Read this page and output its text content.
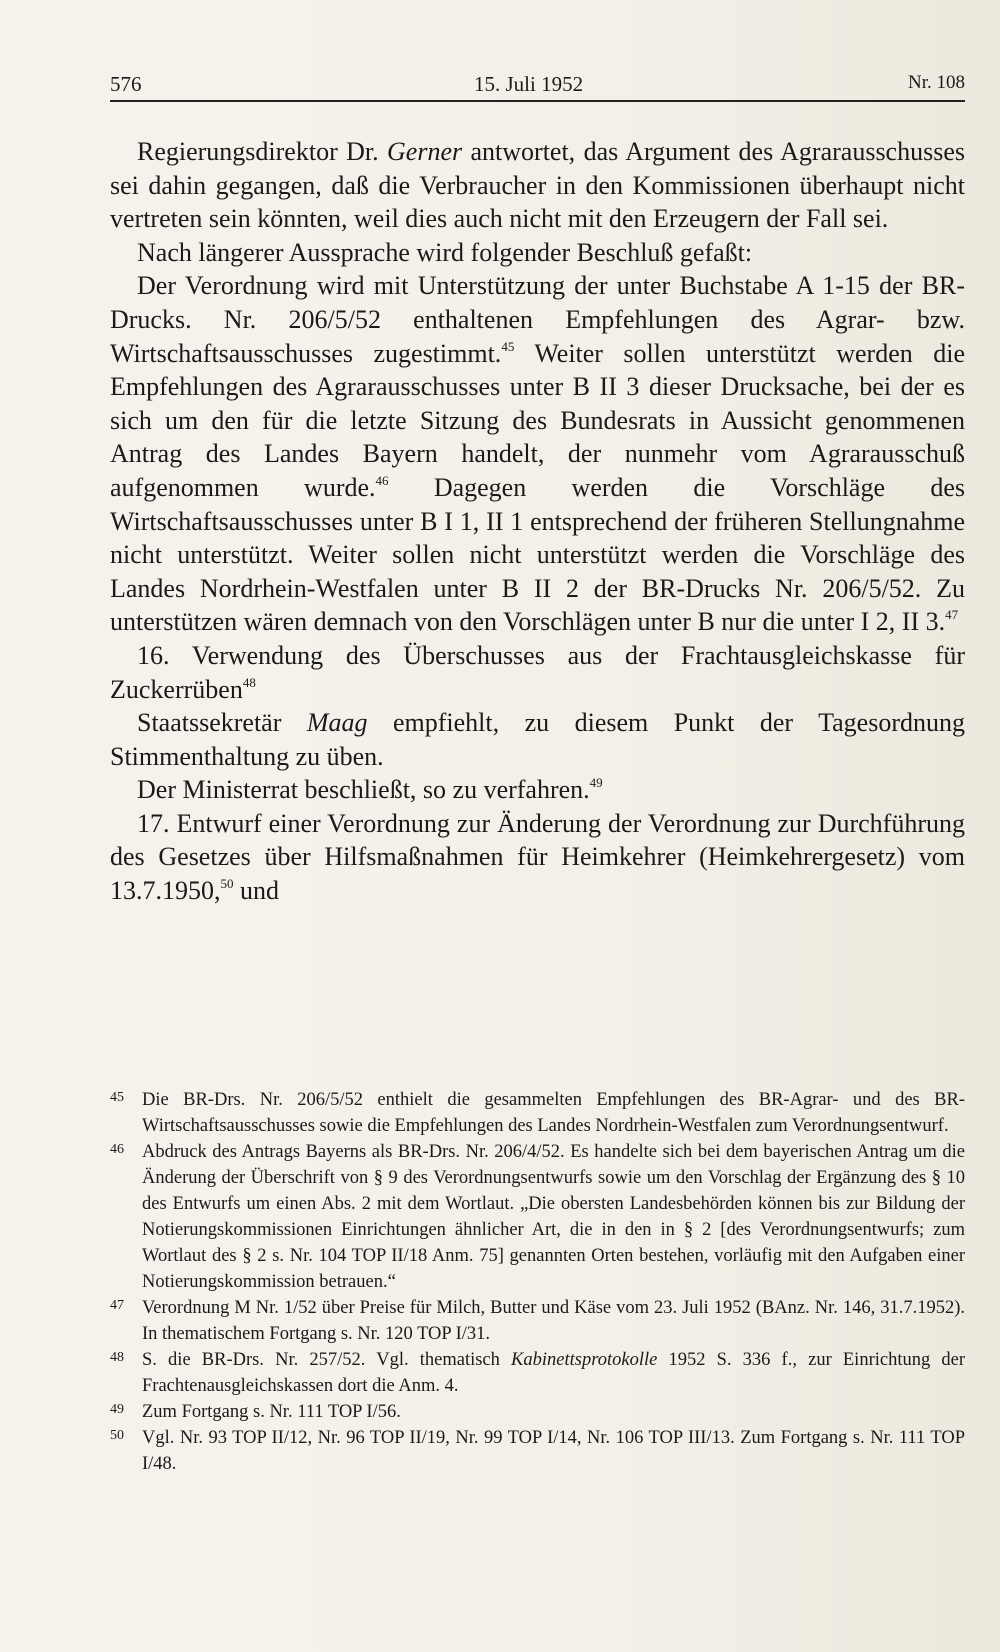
576	15. Juli 1952	Nr. 108

Regierungsdirektor Dr. Gerner antwortet, das Argument des Agrarausschusses sei dahin gegangen, daß die Verbraucher in den Kommissionen überhaupt nicht vertreten sein könnten, weil dies auch nicht mit den Erzeugern der Fall sei.

Nach längerer Aussprache wird folgender Beschluß gefaßt:

Der Verordnung wird mit Unterstützung der unter Buchstabe A 1-15 der BR-Drucks. Nr. 206/5/52 enthaltenen Empfehlungen des Agrar- bzw. Wirtschaftsausschusses zugestimmt.$^{45}$ Weiter sollen unterstützt werden die Empfehlungen des Agrarausschusses unter B II 3 dieser Drucksache, bei der es sich um den für die letzte Sitzung des Bundesrats in Aussicht genommenen Antrag des Landes Bayern handelt, der nunmehr vom Agrarausschuß aufgenommen wurde.$^{46}$ Dagegen werden die Vorschläge des Wirtschaftsausschusses unter B I 1, II 1 entsprechend der früheren Stellungnahme nicht unterstützt. Weiter sollen nicht unterstützt werden die Vorschläge des Landes Nordrhein-Westfalen unter B II 2 der BR-Drucks Nr. 206/5/52. Zu unterstützen wären demnach von den Vorschlägen unter B nur die unter I 2, II 3.47

16. Verwendung des Überschusses aus der Frachtausgleichskasse für Zuckerrüben$^{48}$

Staatssekretär Maag empfiehlt, zu diesem Punkt der Tagesordnung Stimmenthaltung zu üben.

Der Ministerrat beschließt, so zu verfahren.$^{49}$

17. Entwurf einer Verordnung zur Änderung der Verordnung zur Durchführung des Gesetzes über Hilfsmaßnahmen für Heimkehrer (Heimkehrergesetz) vom 13.7.1950,50 und

45 Die BR-Drs. Nr. 206/5/52 enthielt die gesammelten Empfehlungen des BR-Agrar- und des BR-Wirtschaftsausschusses sowie die Empfehlungen des Landes Nordrhein-Westfalen zum Verordnungsentwurf.

46 Abdruck des Antrags Bayerns als BR-Drs. Nr. 206/4/52. Es handelte sich bei dem bayerischen Antrag um die Änderung der Überschrift von § 9 des Verordnungsentwurfs sowie um den Vorschlag der Ergänzung des § 10 des Entwurfs um einen Abs. 2 mit dem Wortlaut. „Die obersten Landesbehörden können bis zur Bildung der Notierungskommissionen Einrichtungen ähnlicher Art, die in den in § 2 [des Verordnungsentwurfs; zum Wortlaut des § 2 s. Nr. 104 TOP II/18 Anm. 75] genannten Orten bestehen, vorläufig mit den Aufgaben einer Notierungskommission betrauen.“

47 Verordnung M Nr. 1/52 über Preise für Milch, Butter und Käse vom 23. Juli 1952 (BAnz. Nr. 146, 31.7.1952). In thematischem Fortgang s. Nr. 120 TOP I/31.

48 S. die BR-Drs. Nr. 257/52. Vgl. thematisch Kabinettsprotokolle 1952 S. 336 f., zur Einrichtung der Frachtenausgleichskassen dort die Anm. 4.

49 Zum Fortgang s. Nr. 111 TOP I/56.

50 Vgl. Nr. 93 TOP II/12, Nr. 96 TOP II/19, Nr. 99 TOP I/14, Nr. 106 TOP III/13. Zum Fortgang s. Nr. 111 TOP I/48.
